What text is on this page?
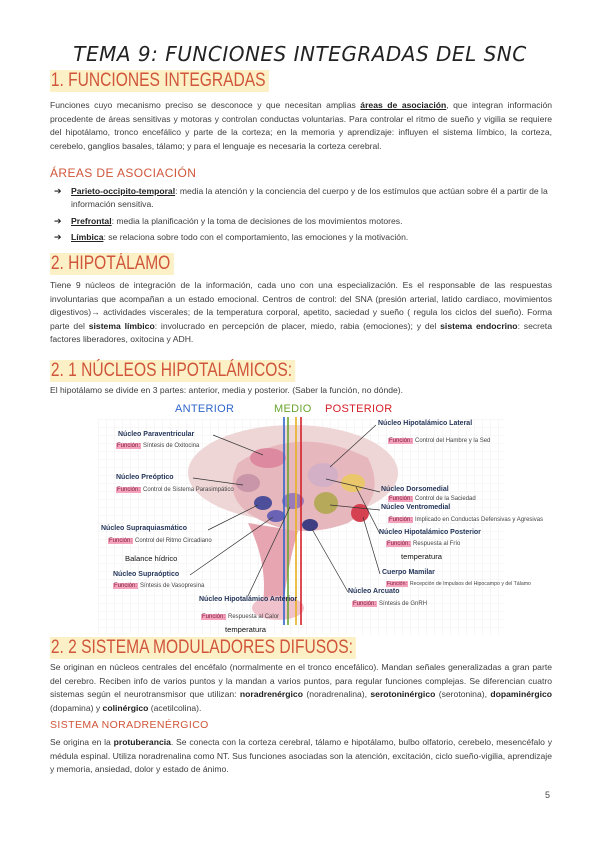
TEMA 9: FUNCIONES INTEGRADAS DEL SNC
1. FUNCIONES INTEGRADAS
Funciones cuyo mecanismo preciso se desconoce y que necesitan amplias áreas de asociación, que integran información procedente de áreas sensitivas y motoras y controlan conductas voluntarias. Para controlar el ritmo de sueño y vigilia se requiere del hipotálamo, tronco encefálico y parte de la corteza; en la memoria y aprendizaje: influyen el sistema límbico, la corteza, cerebelo, ganglios basales, tálamo; y para el lenguaje es necesaria la corteza cerebral.
ÁREAS DE ASOCIACIÓN
➔ Parieto-occipito-temporal: media la atención y la conciencia del cuerpo y de los estímulos que actúan sobre él a partir de la información sensitiva.
➔ Prefrontal: media la planificación y la toma de decisiones de los movimientos motores.
➔ Límbica: se relaciona sobre todo con el comportamiento, las emociones y la motivación.
2. HIPOTÁLAMO
Tiene 9 núcleos de integración de la información, cada uno con una especialización. Es el responsable de las respuestas involuntarias que acompañan a un estado emocional. Centros de control: del SNA (presión arterial, latido cardiaco, movimientos digestivos)→ actividades viscerales; de la temperatura corporal, apetito, saciedad y sueño ( regula los ciclos del sueño). Forma parte del sistema límbico: involucrado en percepción de placer, miedo, rabia (emociones); y del sistema endocrino: secreta factores liberadores, oxitocina y ADH.
2. 1 NÚCLEOS HIPOTALÁMICOS:
El hipotálamo se divide en 3 partes: anterior, media y posterior. (Saber la función, no dónde).
ANTERIOR	MEDIO POSTERIOR
Núcleo Paraventricular
Función: Síntesis de Oxitocina
Núcleo Preóptico
Función: Control de Sistema Parasimpático
Núcleo Supraquiasmático
Función: Control del Ritmo Circadiano
Balance hídrico
Núcleo Supraóptico
Función: Síntesis de Vasopresina
Núcleo Hipotalámico Anterior
Función: Respuesta al Calor
temperatura
Núcleo Hipotalámico Lateral
Función: Control del Hambre y la Sed
Núcleo Dorsomedial
Función: Control de la Saciedad
Núcleo Ventromedial
Función: Implicado en Conductas Defensivas y Agresivas
Núcleo Hipotalámico Posterior
Función: Respuesta al Frío
temperatura
Cuerpo Mamilar
Función: Recepción de Impulsos del Hipocampo y del Tálamo
Núcleo Arcuato
Función: Síntesis de GnRH
2. 2 SISTEMA MODULADORES DIFUSOS:
Se originan en núcleos centrales del encéfalo (normalmente en el tronco encefálico). Mandan señales generalizadas a gran parte del cerebro. Reciben info de varios puntos y la mandan a varios puntos, para regular funciones complejas. Se diferencian cuatro sistemas según el neurotransmisor que utilizan: noradrenérgico (noradrenalina), serotoninérgico (serotonina), dopaminérgico (dopamina) y colinérgico (acetilcolina).
SISTEMA NORADRENÉRGICO
Se origina en la protuberancia. Se conecta con la corteza cerebral, tálamo e hipotálamo, bulbo olfatorio, cerebelo, mesencéfalo y médula espinal. Utiliza noradrenalina como NT. Sus funciones asociadas son la atención, excitación, ciclo sueño-vigilia, aprendizaje y memoria, ansiedad, dolor y estado de ánimo.
5
